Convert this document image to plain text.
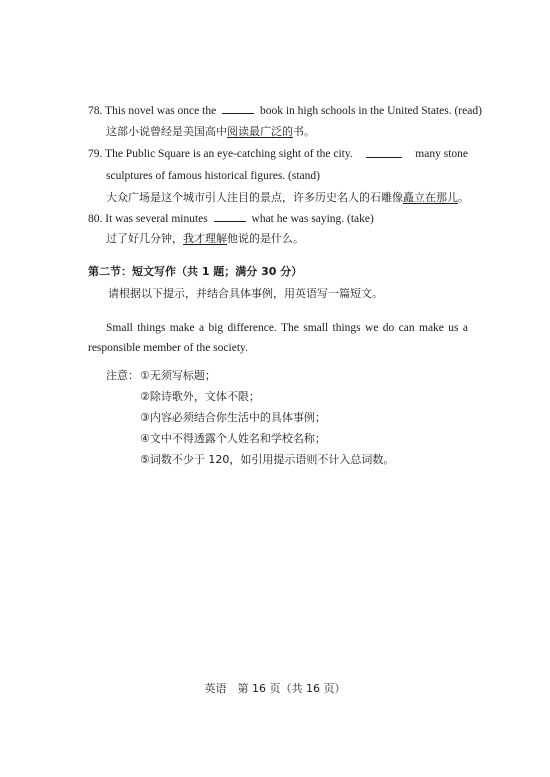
78. This novel was once the	book in high schools in the United States. (read)
这部小说曾经是美国高中阅读最广泛的书。
79. The Public Square is an eye-catching sight of the city.	many stone
sculptures of famous historical figures. (stand)
大众广场是这个城市引人注目的景点，许多历史名人的石雕像矗立在那儿。
80. It was several minutes	what he was saying. (take)
过了好几分钟，我才理解他说的是什么。
第二节：短文写作（共 1 题；满分 30 分）
请根据以下提示，并结合具体事例，用英语写一篇短文。
Small things make a big difference. The small things we do can make us a
responsible member of the society.
注意： ①无须写标题；
②除诗歌外，文体不限；
③内容必须结合你生活中的具体事例；
④文中不得透露个人姓名和学校名称；
⑤词数不少于 120，如引用提示语则不计入总词数。
英语　第 16 页（共 16 页）
